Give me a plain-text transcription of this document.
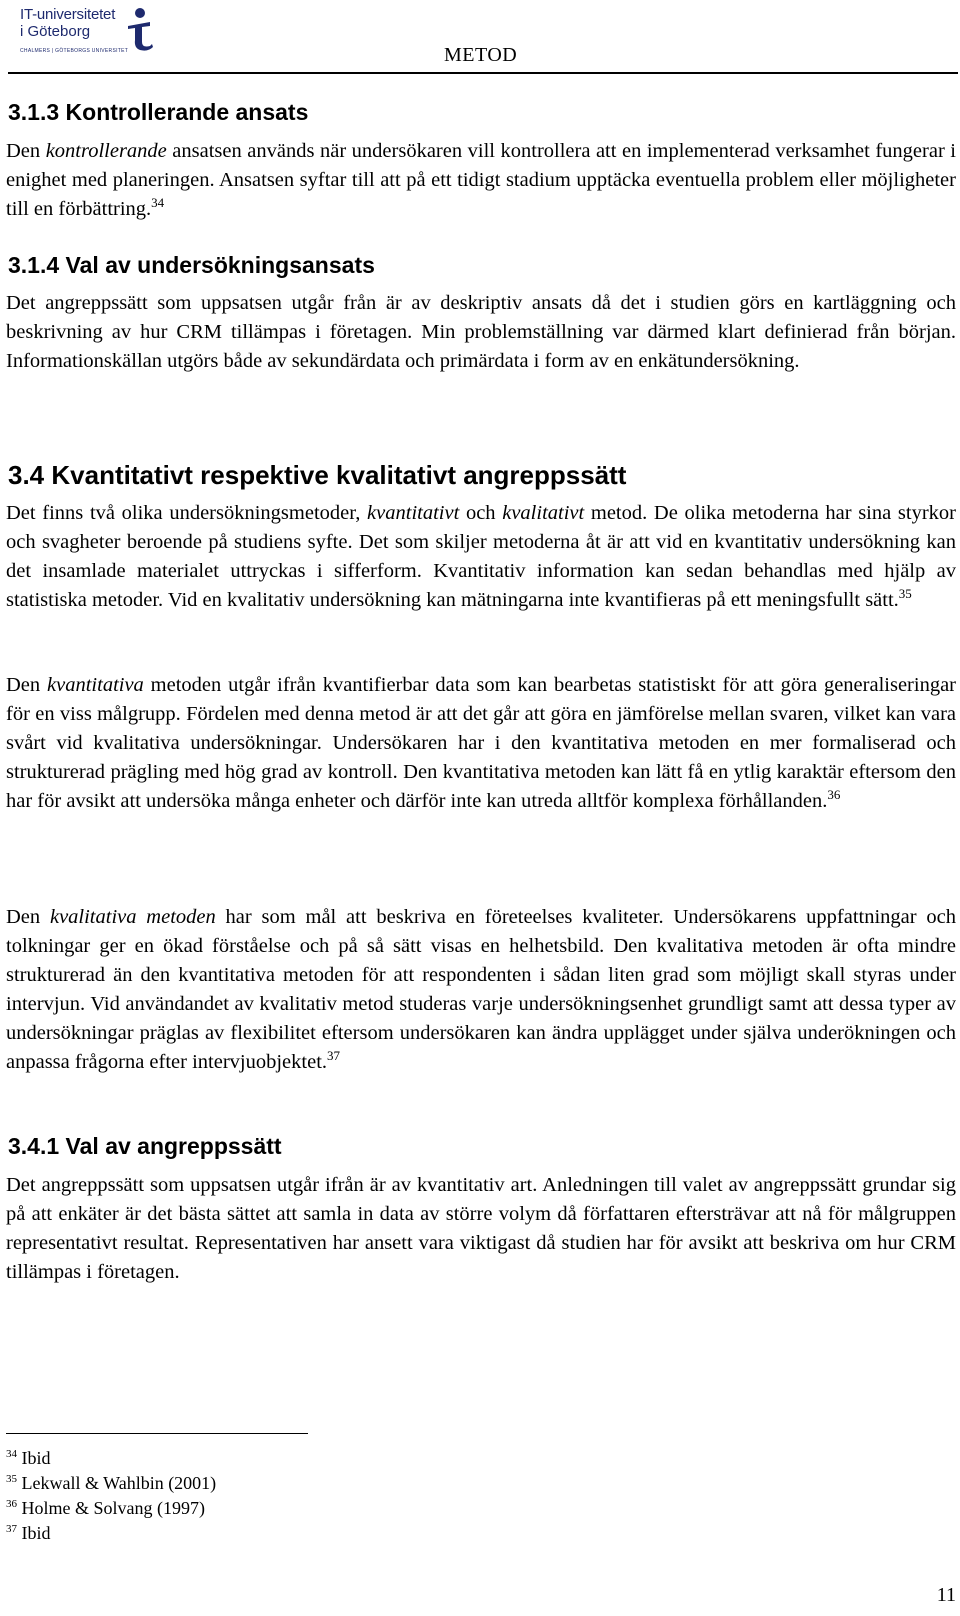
IT-universitetet
i Göteborg
CHALMERS | GÖTEBORGS UNIVERSITET	METOD
3.1.3 Kontrollerande ansats

Den kontrollerande ansatsen används när undersökaren vill kontrollera att en implementerad verksamhet fungerar i enighet med planeringen. Ansatsen syftar till att på ett tidigt stadium upptäcka eventuella problem eller möjligheter till en förbättring.$^{34}$

3.1.4 Val av undersökningsansats

Det angreppssätt som uppsatsen utgår från är av deskriptiv ansats då det i studien görs en kartläggning och beskrivning av hur CRM tillämpas i företagen. Min problemställning var därmed klart definierad från början. Informationskällan utgörs både av sekundärdata och primärdata i form av en enkätundersökning.

3.4 Kvantitativt respektive kvalitativt angreppssätt

Det finns två olika undersökningsmetoder, kvantitativt och kvalitativt metod. De olika metoderna har sina styrkor och svagheter beroende på studiens syfte. Det som skiljer metoderna åt är att vid en kvantitativ undersökning kan det insamlade materialet uttryckas i sifferform. Kvantitativ information kan sedan behandlas med hjälp av statistiska metoder. Vid en kvalitativ undersökning kan mätningarna inte kvantifieras på ett meningsfullt sätt.$^{35}$

Den kvantitativa metoden utgår ifrån kvantifierbar data som kan bearbetas statistiskt för att göra generaliseringar för en viss målgrupp. Fördelen med denna metod är att det går att göra en jämförelse mellan svaren, vilket kan vara svårt vid kvalitativa undersökningar. Undersökaren har i den kvantitativa metoden en mer formaliserad och strukturerad prägling med hög grad av kontroll. Den kvantitativa metoden kan lätt få en ytlig karaktär eftersom den har för avsikt att undersöka många enheter och därför inte kan utreda alltför komplexa förhållanden.$^{36}$

Den kvalitativa metoden har som mål att beskriva en företeelses kvaliteter. Undersökarens uppfattningar och tolkningar ger en ökad förståelse och på så sätt visas en helhetsbild. Den kvalitativa metoden är ofta mindre strukturerad än den kvantitativa metoden för att respondenten i sådan liten grad som möjligt skall styras under intervjun. Vid användandet av kvalitativ metod studeras varje undersökningsenhet grundligt samt att dessa typer av undersökningar präglas av flexibilitet eftersom undersökaren kan ändra upplägget under själva underökningen och anpassa frågorna efter intervjuobjektet.$^{37}$

3.4.1 Val av angreppssätt

Det angreppssätt som uppsatsen utgår ifrån är av kvantitativ art. Anledningen till valet av angreppssätt grundar sig på att enkäter är det bästa sättet att samla in data av större volym då författaren eftersträvar att nå för målgruppen representativt resultat. Representativen har ansett vara viktigast då studien har för avsikt att beskriva om hur CRM tillämpas i företagen.

$^{34}$ Ibid
$^{35}$ Lekwall & Wahlbin (2001)
$^{36}$ Holme & Solvang (1997)
$^{37}$ Ibid
11
